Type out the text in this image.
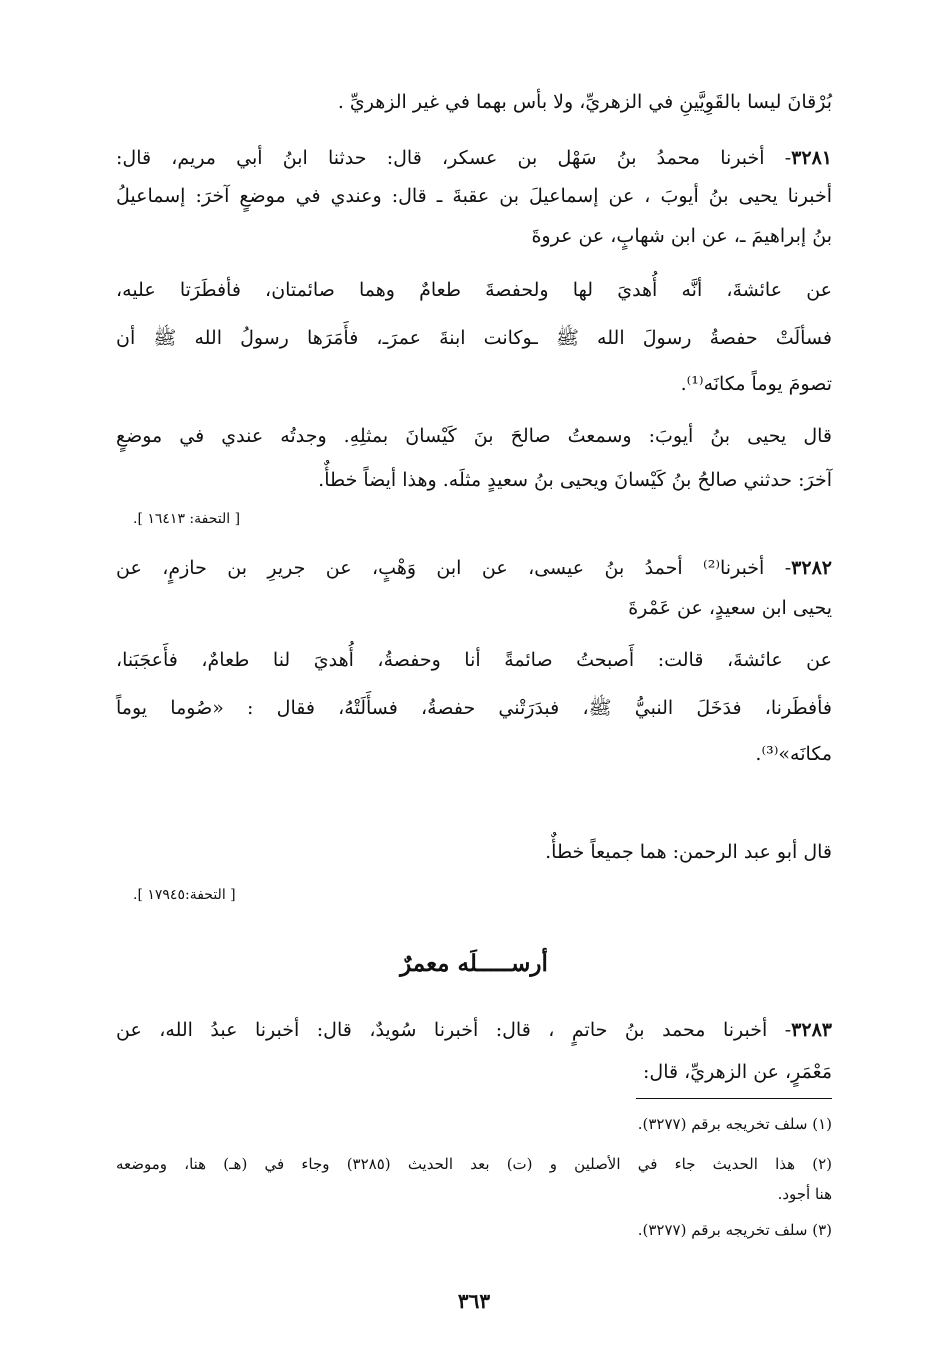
بُرْقانَ ليسا بالقَوِيَّينِ في الزهريِّ، ولا بأس بهما في غير الزهريِّ .
٣٢٨١- أخبرنا محمدُ بنُ سَهْل بن عسكر، قال: حدثنا ابنُ أبي مريم، قال:
أخبرنا يحيى بنُ أيوبَ ، عن إسماعيلَ بن عقبةَ ـ قال: وعندي في موضعٍ آخرَ: إسماعيلُ
بنُ إبراهيمَ ـ، عن ابن شهابٍ، عن عروةَ
عن عائشةَ، أنَّه أُهديَ لها ولحفصةَ طعامٌ وهما صائمتان، فأفطَرَتا عليه،
فسألَتْ حفصةُ رسولَ الله ﷺ ـوكانت ابنةَ عمرَـ، فأَمَرَها رسولُ الله ﷺ أن
تصومَ يوماً مكانَه⁽¹⁾.
قال يحيى بنُ أيوبَ: وسمعتُ صالحَ بنَ كَيْسانَ بمثلِهِ. وجدتُه عندي في موضعٍ
آخرَ: حدثني صالحُ بنُ كَيْسانَ ويحيى بنُ سعيدٍ مثلَه. وهذا أيضاً خطأٌ.
[ التحفة: ١٦٤١٣ ].
٣٢٨٢- أخبرنا⁽²⁾ أحمدُ بنُ عيسى، عن ابن وَهْبٍ، عن جريرِ بن حازمٍ، عن
يحيى ابن سعيدٍ، عن عَمْرةَ
عن عائشةَ، قالت: أَصبحتُ صائمةً أنا وحفصةُ، أُهديَ لنا طعامٌ، فأَعجَبَنا،
فأفطَرنا، فدَخَلَ النبيُّ ﷺ، فبدَرَتْني حفصةُ، فسأَلَتْهُ، فقال : «صُوما يوماً
مكانَه»⁽³⁾.
قال أبو عبد الرحمن: هما جميعاً خطأٌ.
[ التحفة:١٧٩٤٥ ].
أرســـــلَه معمرٌ
٣٢٨٣- أخبرنا محمد بنُ حاتمٍ ، قال: أخبرنا سُويدٌ، قال: أخبرنا عبدُ الله، عن
مَعْمَرٍ، عن الزهريِّ، قال:
(١) سلف تخريجه برقم (٣٢٧٧).
(٢) هذا الحديث جاء في الأصلين و (ت) بعد الحديث (٣٢٨٥) وجاء في (هـ) هنا، وموضعه
هنا أجود.
(٣) سلف تخريجه برقم (٣٢٧٧).
٣٦٣
